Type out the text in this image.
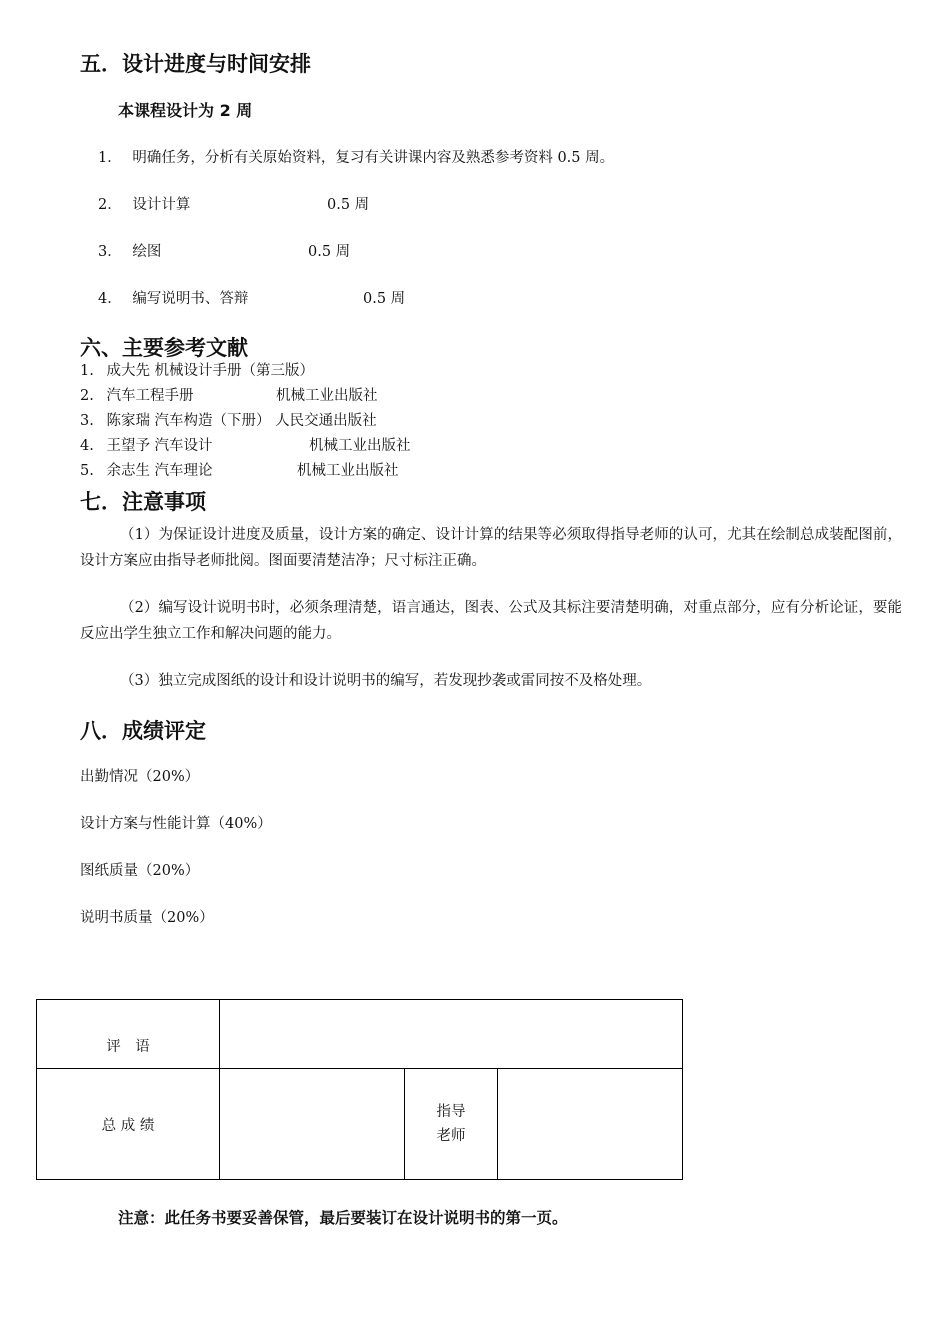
五．设计进度与时间安排
本课程设计为 2 周
1． 明确任务，分析有关原始资料，复习有关讲课内容及熟悉参考资料 0.5 周。
2． 设计计算	0.5 周
3． 绘图	0.5 周
4． 编写说明书、答辩	0.5 周
六、主要参考文献
1. 成大先 机械设计手册（第三版）
2. 汽车工程手册	机械工业出版社
3. 陈家瑞 汽车构造（下册） 人民交通出版社
4. 王望予 汽车设计	机械工业出版社
5. 余志生 汽车理论	机械工业出版社
七．注意事项
（1）为保证设计进度及质量，设计方案的确定、设计计算的结果等必须取得指导老师的认可，尤其在绘制总成装配图前，设计方案应由指导老师批阅。图面要清楚洁净；尺寸标注正确。
（2）编写设计说明书时，必须条理清楚，语言通达，图表、公式及其标注要清楚明确，对重点部分，应有分析论证，要能反应出学生独立工作和解决问题的能力。
（3）独立完成图纸的设计和设计说明书的编写，若发现抄袭或雷同按不及格处理。
八．成绩评定
出勤情况（20%）
设计方案与性能计算（40%）
图纸质量（20%）
说明书质量（20%）
评　语			

总 成 绩		指导
老师	

注意：此任务书要妥善保管，最后要装订在设计说明书的第一页。
